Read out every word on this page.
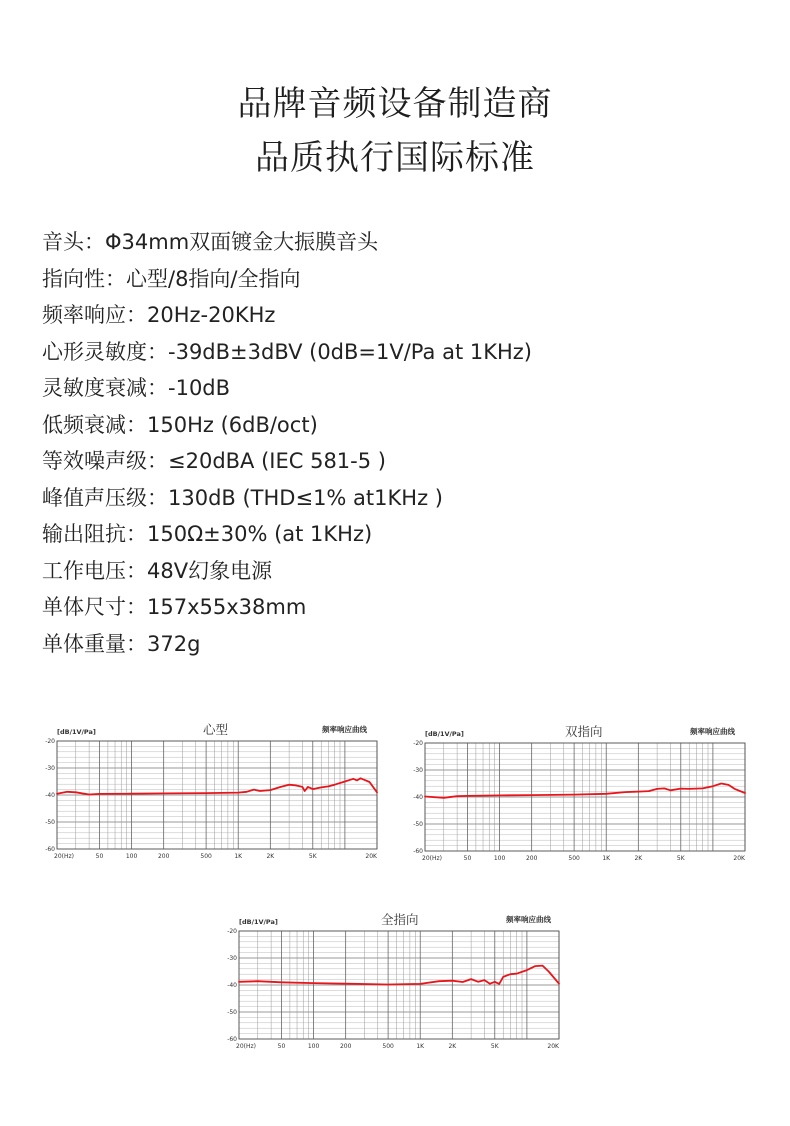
品牌音频设备制造商
品质执行国际标准
音头：Φ34mm双面镀金大振膜音头
指向性：心型/8指向/全指向
频率响应：20Hz-20KHz
心形灵敏度：-39dB±3dBV (0dB=1V/Pa at 1KHz)
灵敏度衰减：-10dB
低频衰减：150Hz (6dB/oct)
等效噪声级：≤20dBA (IEC 581-5 )
峰值声压级：130dB (THD≤1% at1KHz )
输出阻抗：150Ω±30% (at 1KHz)
工作电压：48V幻象电源
单体尺寸：157x55x38mm
单体重量：372g
[dB/1V/Pa]	心型	频率响应曲线
-20
-30
-40
-50
-60
20(Hz)	50	100	200	500	1K	2K	5K	20K
[dB/1V/Pa]	双指向	频率响应曲线
-20
-30
-40
-50
-60
20(Hz)	50	100	200	500	1K	2K	5K	20K
[dB/1V/Pa]	全指向	频率响应曲线
-20
-30
-40
-50
-60
20(Hz)	50	100	200	500	1K	2K	5K	20K
